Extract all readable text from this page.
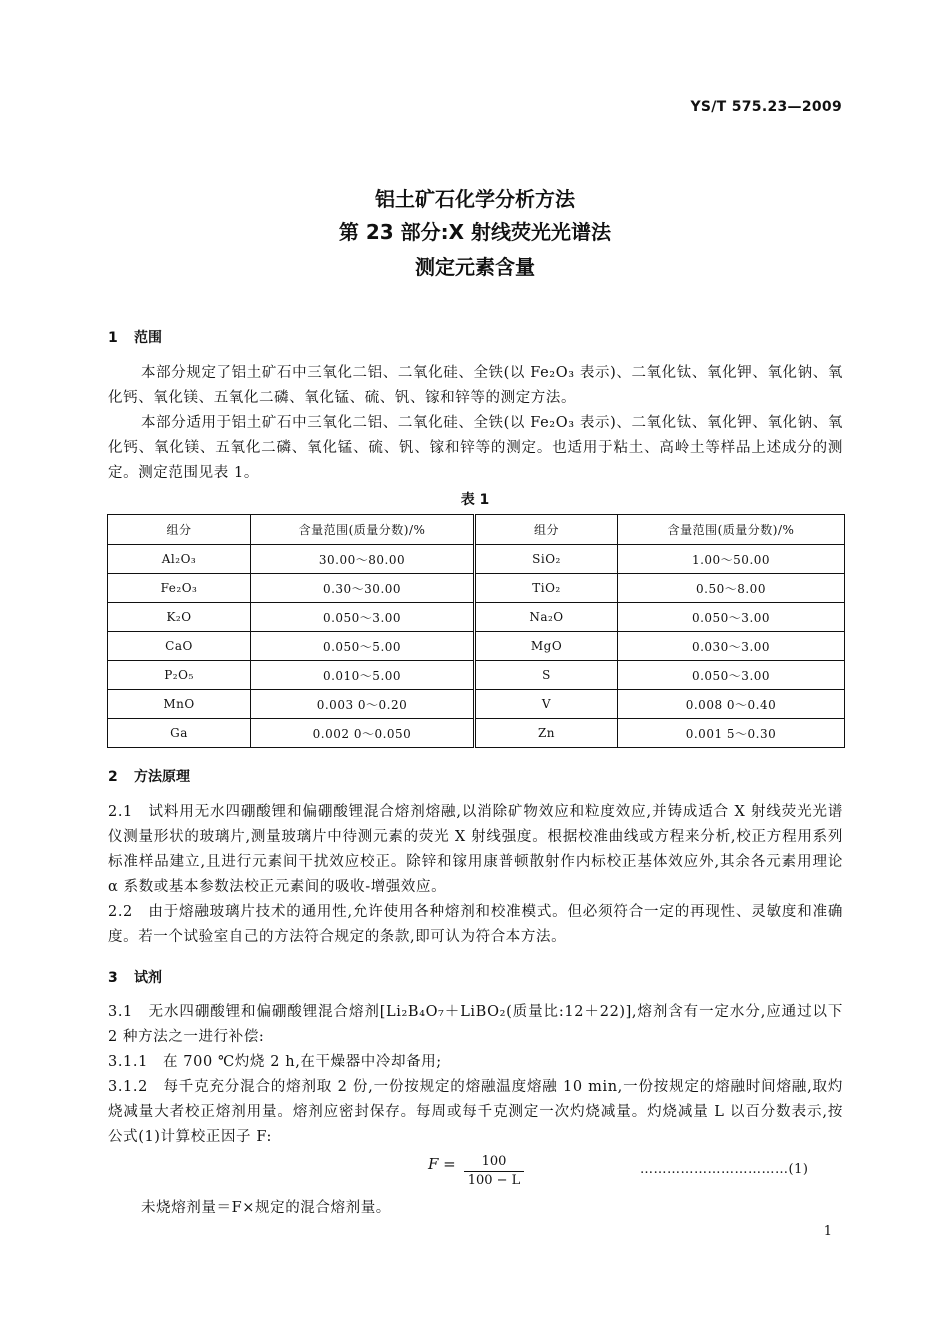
YS/T 575.23—2009
铝土矿石化学分析方法
第 23 部分:X 射线荧光光谱法
测定元素含量
1 范围
本部分规定了铝土矿石中三氧化二铝、二氧化硅、全铁(以 Fe₂O₃ 表示)、二氧化钛、氧化钾、氧化钠、氧化钙、氧化镁、五氧化二磷、氧化锰、硫、钒、镓和锌等的测定方法。
本部分适用于铝土矿石中三氧化二铝、二氧化硅、全铁(以 Fe₂O₃ 表示)、二氧化钛、氧化钾、氧化钠、氧化钙、氧化镁、五氧化二磷、氧化锰、硫、钒、镓和锌等的测定。也适用于粘土、高岭土等样品上述成分的测定。测定范围见表 1。
表 1
组分	含量范围(质量分数)/%	组分	含量范围(质量分数)/%
Al₂O₃	30.00～80.00	SiO₂	1.00～50.00
Fe₂O₃	0.30～30.00	TiO₂	0.50～8.00
K₂O	0.050～3.00	Na₂O	0.050～3.00
CaO	0.050～5.00	MgO	0.030～3.00
P₂O₅	0.010～5.00	S	0.050～3.00
MnO	0.003 0～0.20	V	0.008 0～0.40
Ga	0.002 0～0.050	Zn	0.001 5～0.30
2 方法原理
2.1　试料用无水四硼酸锂和偏硼酸锂混合熔剂熔融,以消除矿物效应和粒度效应,并铸成适合 X 射线荧光光谱仪测量形状的玻璃片,测量玻璃片中待测元素的荧光 X 射线强度。根据校准曲线或方程来分析,校正方程用系列标准样品建立,且进行元素间干扰效应校正。除锌和镓用康普顿散射作内标校正基体效应外,其余各元素用理论 α 系数或基本参数法校正元素间的吸收-增强效应。
2.2　由于熔融玻璃片技术的通用性,允许使用各种熔剂和校准模式。但必须符合一定的再现性、灵敏度和准确度。若一个试验室自己的方法符合规定的条款,即可认为符合本方法。
3 试剂
3.1　无水四硼酸锂和偏硼酸锂混合熔剂[Li₂B₄O₇＋LiBO₂(质量比:12＋22)],熔剂含有一定水分,应通过以下 2 种方法之一进行补偿:
3.1.1　在 700 ℃灼烧 2 h,在干燥器中冷却备用;
3.1.2　每千克充分混合的熔剂取 2 份,一份按规定的熔融温度熔融 10 min,一份按规定的熔融时间熔融,取灼烧减量大者校正熔剂用量。熔剂应密封保存。每周或每千克测定一次灼烧减量。灼烧减量 L 以百分数表示,按公式(1)计算校正因子 F:
F =	100
100 − L
……………………………(1)
未烧熔剂量＝F×规定的混合熔剂量。
1
